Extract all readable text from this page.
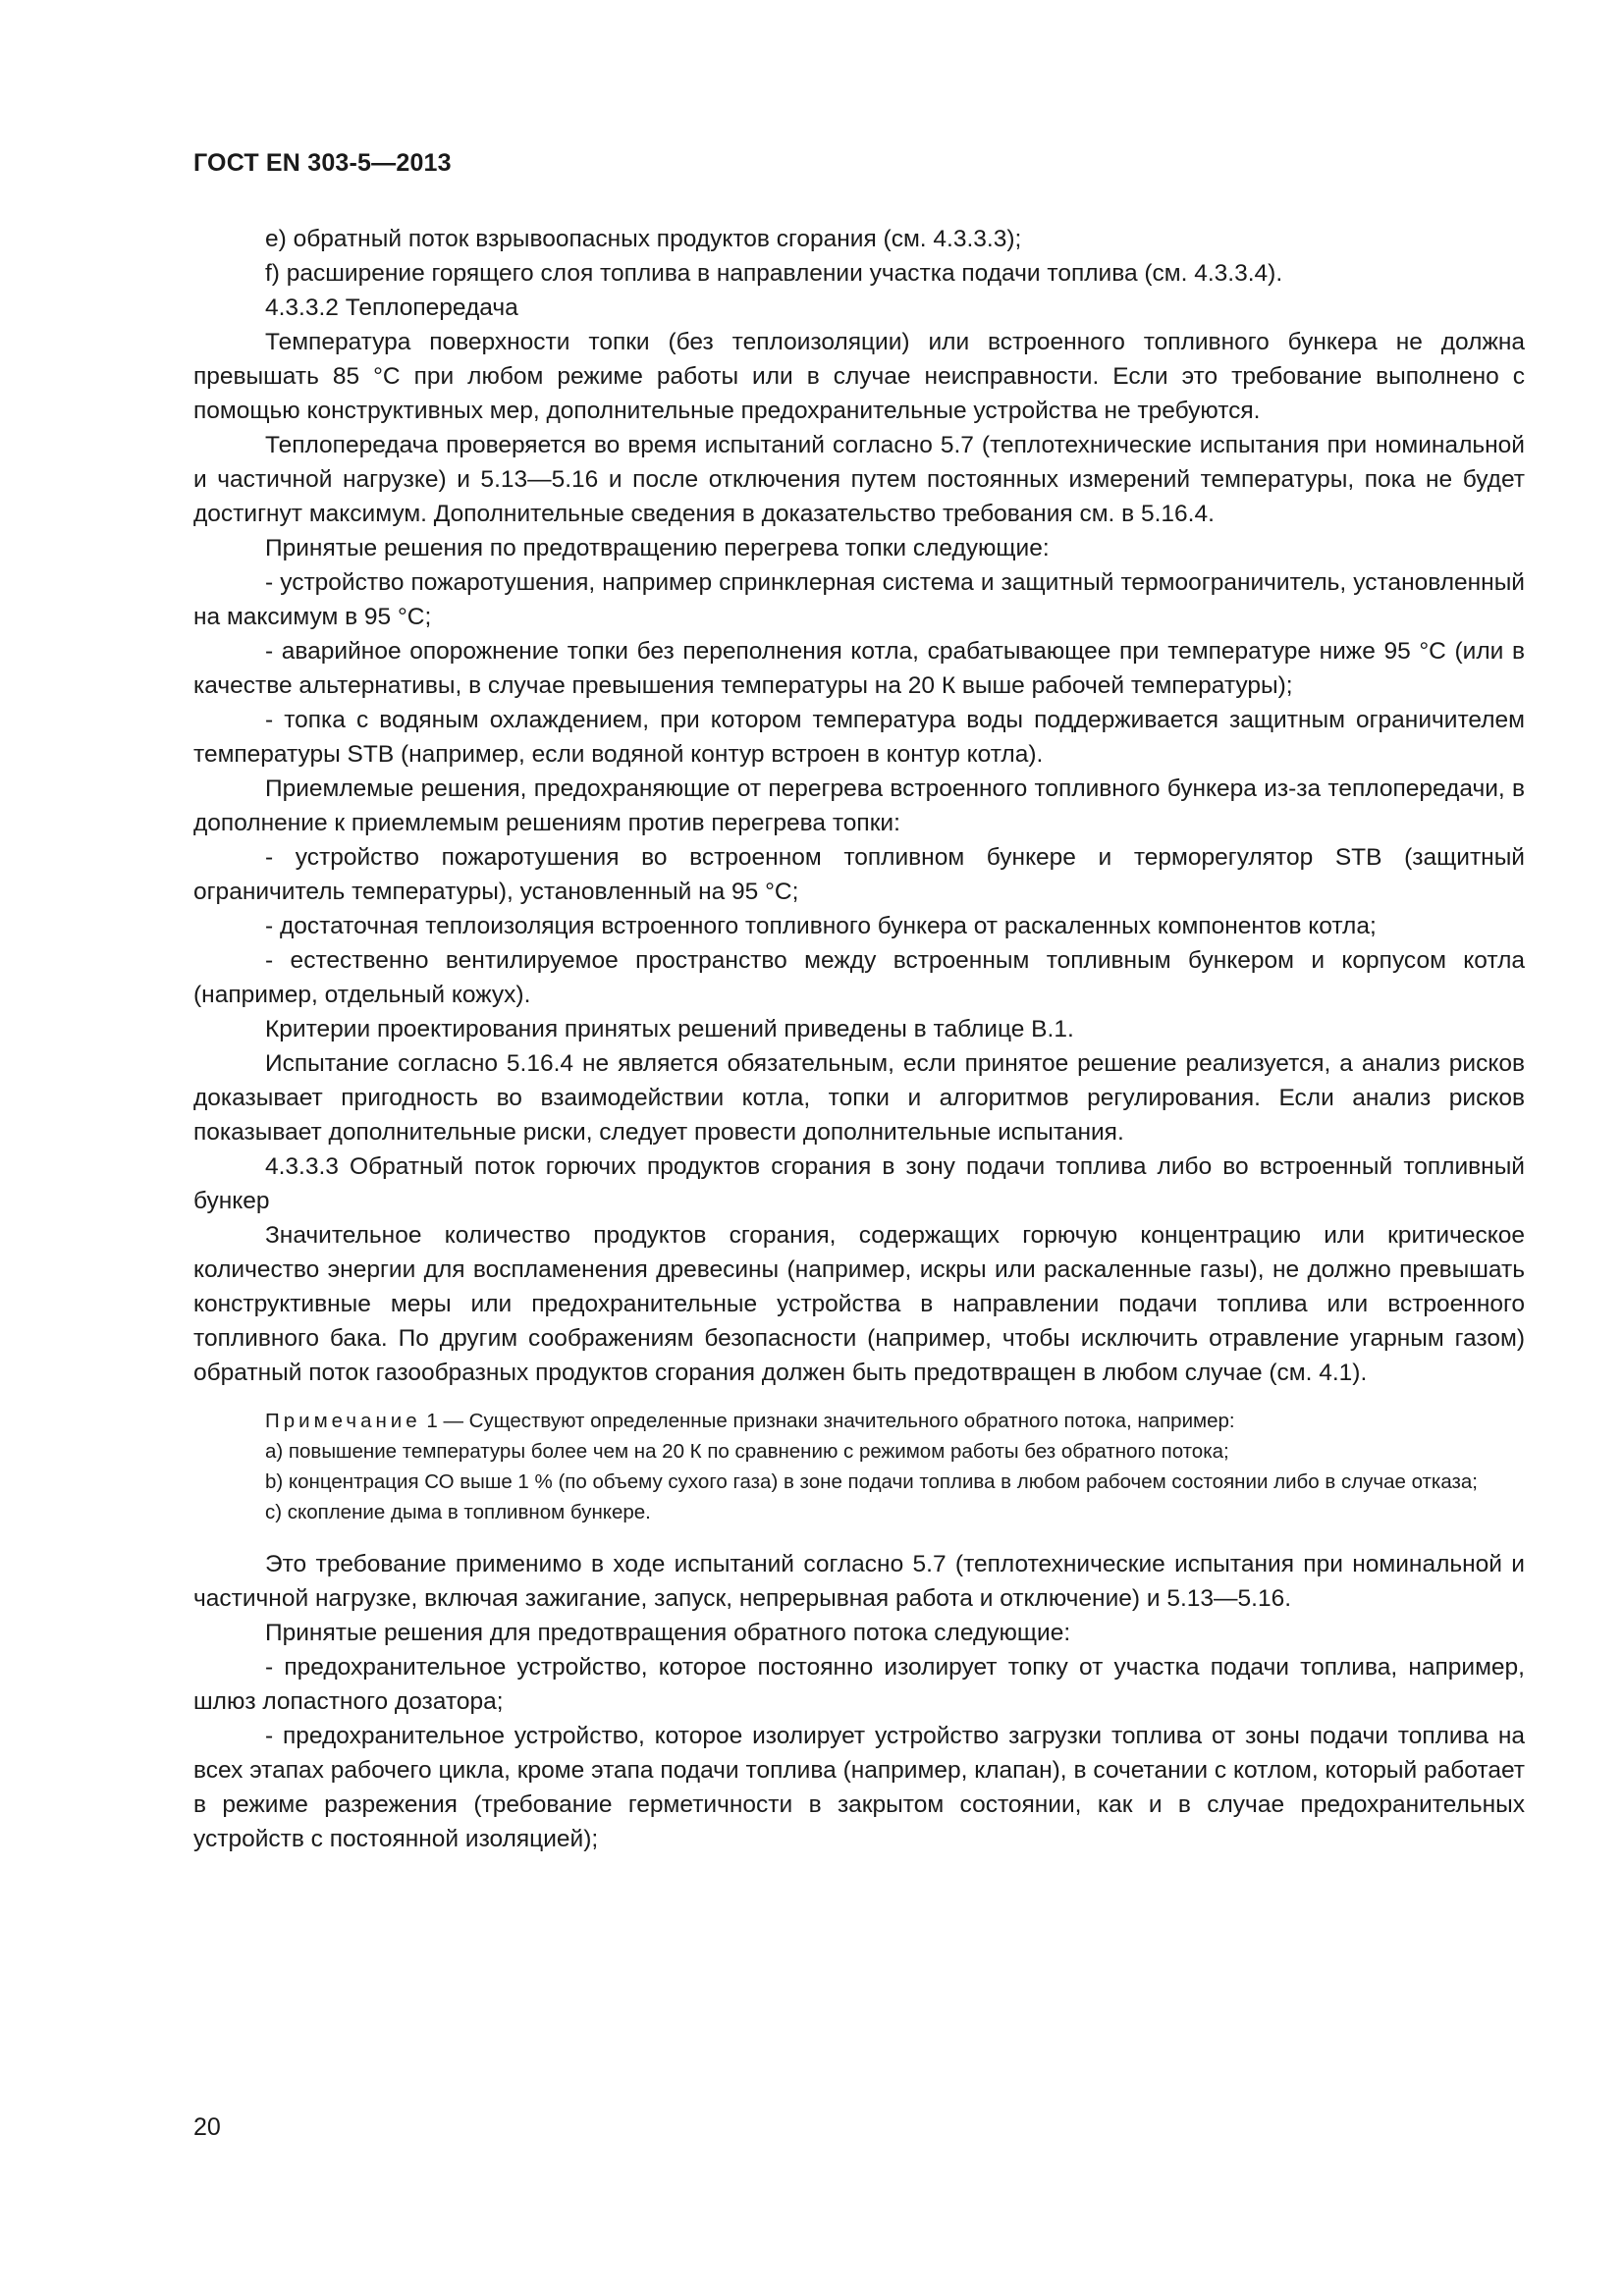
ГОСТ EN 303-5—2013

e) обратный поток взрывоопасных продуктов сгорания (см. 4.3.3.3);

f) расширение горящего слоя топлива в направлении участка подачи топлива (см. 4.3.3.4).

4.3.3.2 Теплопередача

Температура поверхности топки (без теплоизоляции) или встроенного топливного бункера не должна превышать 85 °С при любом режиме работы или в случае неисправности. Если это требование выполнено с помощью конструктивных мер, дополнительные предохранительные устройства не требуются.

Теплопередача проверяется во время испытаний согласно 5.7 (теплотехнические испытания при номинальной и частичной нагрузке) и 5.13—5.16 и после отключения путем постоянных измерений температуры, пока не будет достигнут максимум. Дополнительные сведения в доказательство требования см. в 5.16.4.

Принятые решения по предотвращению перегрева топки следующие:

- устройство пожаротушения, например спринклерная система и защитный термоограничитель, установленный на максимум в 95 °С;

- аварийное опорожнение топки без переполнения котла, срабатывающее при температуре ниже 95 °С (или в качестве альтернативы, в случае превышения температуры на 20 К выше рабочей температуры);

- топка с водяным охлаждением, при котором температура воды поддерживается защитным ограничителем температуры STB (например, если водяной контур встроен в контур котла).

Приемлемые решения, предохраняющие от перегрева встроенного топливного бункера из-за теплопередачи, в дополнение к приемлемым решениям против перегрева топки:

- устройство пожаротушения во встроенном топливном бункере и терморегулятор STB (защитный ограничитель температуры), установленный на 95 °С;

- достаточная теплоизоляция встроенного топливного бункера от раскаленных компонентов котла;

- естественно вентилируемое пространство между встроенным топливным бункером и корпусом котла (например, отдельный кожух).

Критерии проектирования принятых решений приведены в таблице В.1.

Испытание согласно 5.16.4 не является обязательным, если принятое решение реализуется, а анализ рисков доказывает пригодность во взаимодействии котла, топки и алгоритмов регулирования. Если анализ рисков показывает дополнительные риски, следует провести дополнительные испытания.

4.3.3.3 Обратный поток горючих продуктов сгорания в зону подачи топлива либо во встроенный топливный бункер

Значительное количество продуктов сгорания, содержащих горючую концентрацию или критическое количество энергии для воспламенения древесины (например, искры или раскаленные газы), не должно превышать конструктивные меры или предохранительные устройства в направлении подачи топлива или встроенного топливного бака. По другим соображениям безопасности (например, чтобы исключить отравление угарным газом) обратный поток газообразных продуктов сгорания должен быть предотвращен в любом случае (см. 4.1).

Примечание 1 — Существуют определенные признаки значительного обратного потока, например:

а) повышение температуры более чем на 20 К по сравнению с режимом работы без обратного потока;

b) концентрация СО выше 1 % (по объему сухого газа) в зоне подачи топлива в любом рабочем состоянии либо в случае отказа;

с) скопление дыма в топливном бункере.

Это требование применимо в ходе испытаний согласно 5.7 (теплотехнические испытания при номинальной и частичной нагрузке, включая зажигание, запуск, непрерывная работа и отключение) и 5.13—5.16.

Принятые решения для предотвращения обратного потока следующие:

- предохранительное устройство, которое постоянно изолирует топку от участка подачи топлива, например, шлюз лопастного дозатора;

- предохранительное устройство, которое изолирует устройство загрузки топлива от зоны подачи топлива на всех этапах рабочего цикла, кроме этапа подачи топлива (например, клапан), в сочетании с котлом, который работает в режиме разрежения (требование герметичности в закрытом состоянии, как и в случае предохранительных устройств с постоянной изоляцией);

20
